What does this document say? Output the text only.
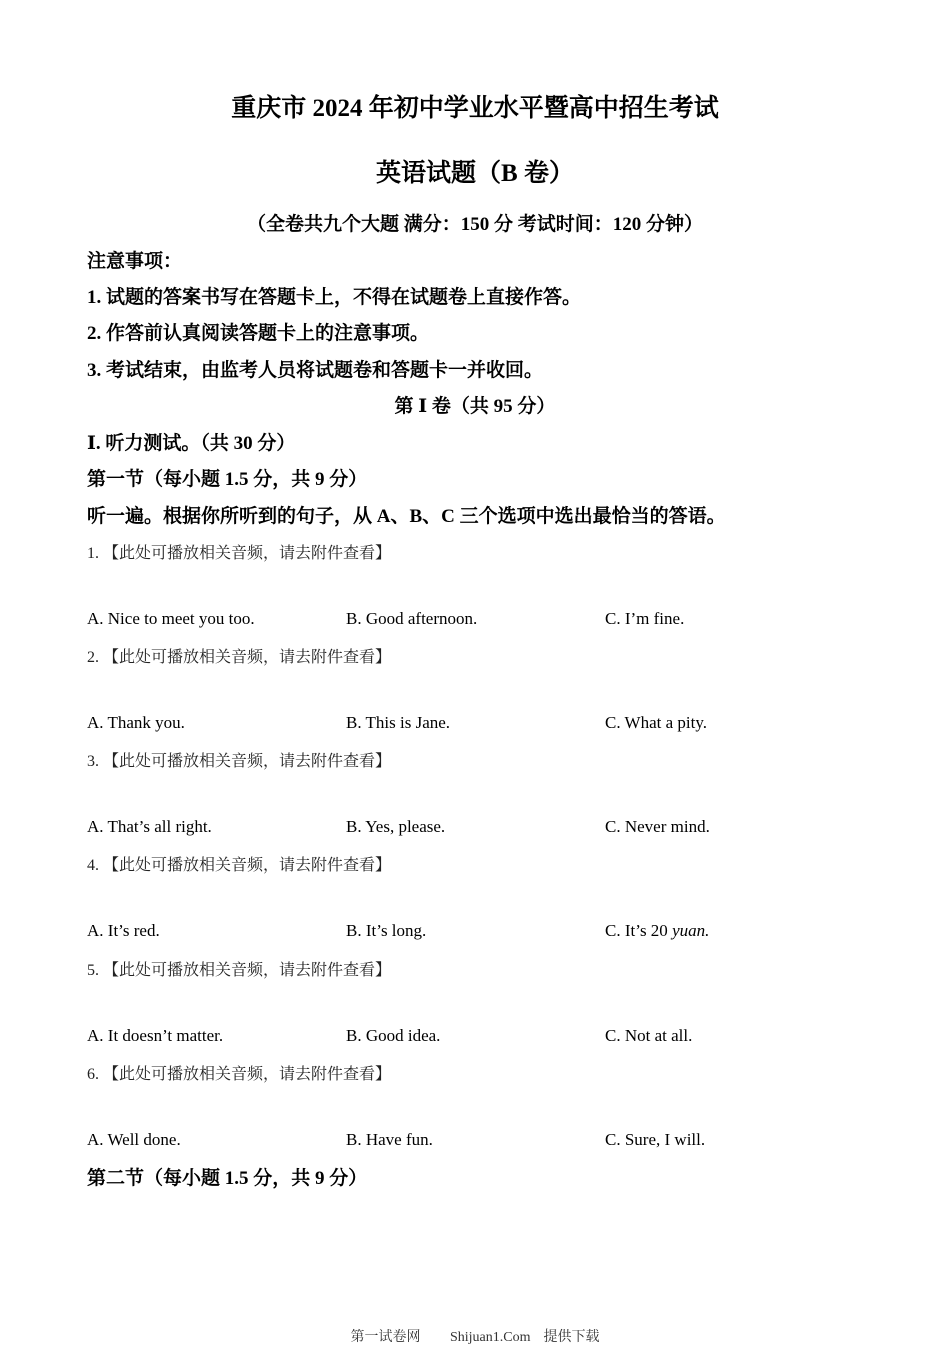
重庆市 2024 年初中学业水平暨高中招生考试
英语试题（B 卷）
（全卷共九个大题 满分：150 分 考试时间：120 分钟）
注意事项：
1. 试题的答案书写在答题卡上，不得在试题卷上直接作答。
2. 作答前认真阅读答题卡上的注意事项。
3. 考试结束，由监考人员将试题卷和答题卡一并收回。
第 Ⅰ 卷（共 95 分）
Ⅰ. 听力测试。（共 30 分）
第一节（每小题 1.5 分，共 9 分）
听一遍。根据你所听到的句子，从 A、B、C 三个选项中选出最恰当的答语。
1. 【此处可播放相关音频，请去附件查看】
A. Nice to meet you too.	B. Good afternoon.	C. I’m fine.
2. 【此处可播放相关音频，请去附件查看】
A. Thank you.	B. This is Jane.	C. What a pity.
3. 【此处可播放相关音频，请去附件查看】
A. That’s all right.	B. Yes, please.	C. Never mind.
4. 【此处可播放相关音频，请去附件查看】
A. It’s red.	B. It’s long.	C. It’s 20 yuan.
5. 【此处可播放相关音频，请去附件查看】
A. It doesn’t matter.	B. Good idea.	C. Not at all.
6. 【此处可播放相关音频，请去附件查看】
A. Well done.	B. Have fun.	C. Sure, I will.
第二节（每小题 1.5 分，共 9 分）
第一试卷网 Shijuan1.Com 提供下载
